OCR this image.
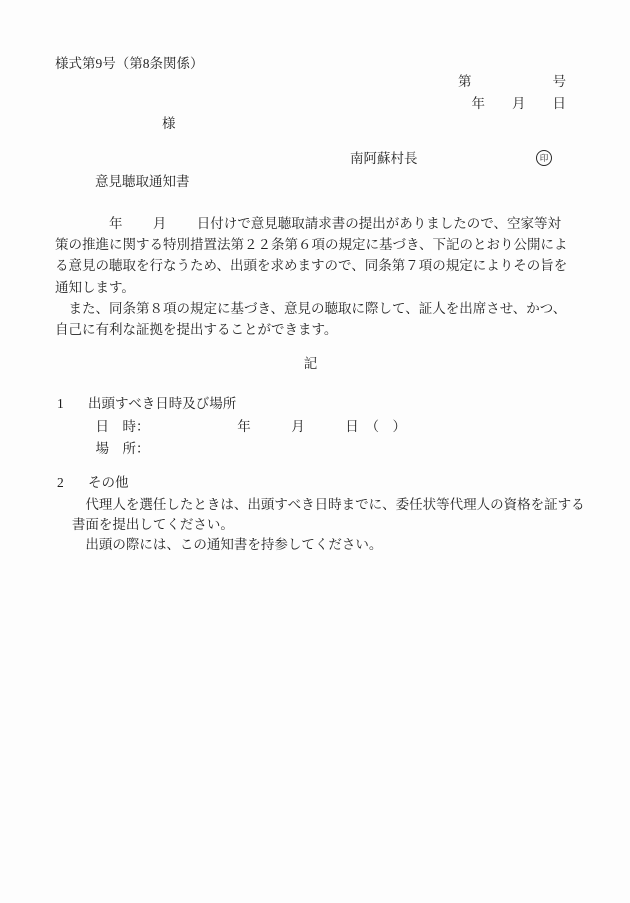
様式第9号（第8条関係）
第　　　　　　号
年　　月　　日
様
南阿蘇村長	印
意見聴取通知書
　　　　年　　 月　　 日付けで意見聴取請求書の提出がありましたので、空家等対
策の推進に関する特別措置法第２２条第６項の規定に基づき、下記のとおり公開によ
る意見の聴取を行なうため、出頭を求めますので、同条第７項の規定によりその旨を
通知します。
　また、同条第８項の規定に基づき、意見の聴取に際して、証人を出席させ、かつ、
自己に有利な証拠を提出することができます。
記
1 出頭すべき日時及び場所
　　　日　時：　　　　　　　年　　　月　　　日　（　）
　　　場　所：
2 その他
　　 代理人を選任したときは、出頭すべき日時までに、委任状等代理人の資格を証する
　 書面を提出してください。
　　 出頭の際には、この通知書を持参してください。
